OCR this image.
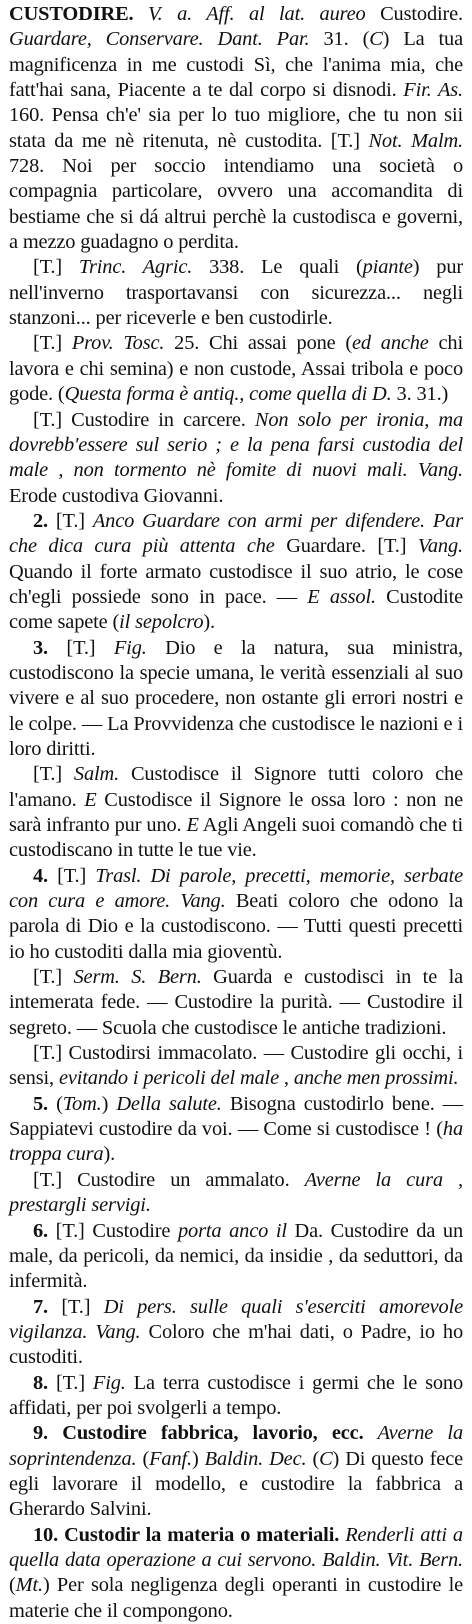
CUSTODIRE. V. a. Aff. al lat. aureo Custodire. Guardare, Conservare. Dant. Par. 31. (C) La tua magnificenza in me custodi Sì, che l'anima mia, che fatt'hai sana, Piacente a te dal corpo si disnodi. Fir. As. 160. Pensa ch'e' sia per lo tuo migliore, che tu non sii stata da me nè ritenuta, nè custodita. [T.] Not. Malm. 728. Noi per soccio intendiamo una società o compagnia particolare, ovvero una accomandita di bestiame che si dá altrui perchè la custodisca e governi, a mezzo guadagno o perdita.

[T.] Trinc. Agric. 338. Le quali (piante) pur nell'inverno trasportavansi con sicurezza... negli stanzoni... per riceverle e ben custodirle.

[T.] Prov. Tosc. 25. Chi assai pone (ed anche chi lavora e chi semina) e non custode, Assai tribola e poco gode. (Questa forma è antiq., come quella di D. 3. 31.)

[T.] Custodire in carcere. Non solo per ironia, ma dovrebb'essere sul serio ; e la pena farsi custodia del male , non tormento nè fomite di nuovi mali. Vang. Erode custodiva Giovanni.

2. [T.] Anco Guardare con armi per difendere. Par che dica cura più attenta che Guardare. [T.] Vang. Quando il forte armato custodisce il suo atrio, le cose ch'egli possiede sono in pace. — E assol. Custodite come sapete (il sepolcro).

3. [T.] Fig. Dio e la natura, sua ministra, custodiscono la specie umana, le verità essenziali al suo vivere e al suo procedere, non ostante gli errori nostri e le colpe. — La Provvidenza che custodisce le nazioni e i loro diritti.

[T.] Salm. Custodisce il Signore tutti coloro che l'amano. E Custodisce il Signore le ossa loro : non ne sarà infranto pur uno. E Agli Angeli suoi comandò che ti custodiscano in tutte le tue vie.

4. [T.] Trasl. Di parole, precetti, memorie, serbate con cura e amore. Vang. Beati coloro che odono la parola di Dio e la custodiscono. — Tutti questi precetti io ho custoditi dalla mia gioventù.

[T.] Serm. S. Bern. Guarda e custodisci in te la intemerata fede. — Custodire la purità. — Custodire il segreto. — Scuola che custodisce le antiche tradizioni.

[T.] Custodirsi immacolato. — Custodire gli occhi, i sensi, evitando i pericoli del male , anche men prossimi.

5. (Tom.) Della salute. Bisogna custodirlo bene. — Sappiatevi custodire da voi. — Come si custodisce ! (ha troppa cura).

[T.] Custodire un ammalato. Averne la cura , prestargli servigi.

6. [T.] Custodire porta anco il Da. Custodire da un male, da pericoli, da nemici, da insidie , da seduttori, da infermità.

7. [T.] Di pers. sulle quali s'eserciti amorevole vigilanza. Vang. Coloro che m'hai dati, o Padre, io ho custoditi.

8. [T.] Fig. La terra custodisce i germi che le sono affidati, per poi svolgerli a tempo.

9. Custodire fabbrica, lavorio, ecc. Averne la soprintendenza. (Fanf.) Baldin. Dec. (C) Di questo fece egli lavorare il modello, e custodire la fabbrica a Gherardo Salvini.

10. Custodir la materia o materiali. Renderli atti a quella data operazione a cui servono. Baldin. Vit. Bern. (Mt.) Per sola negligenza degli operanti in custodire le materie che il compongono.
